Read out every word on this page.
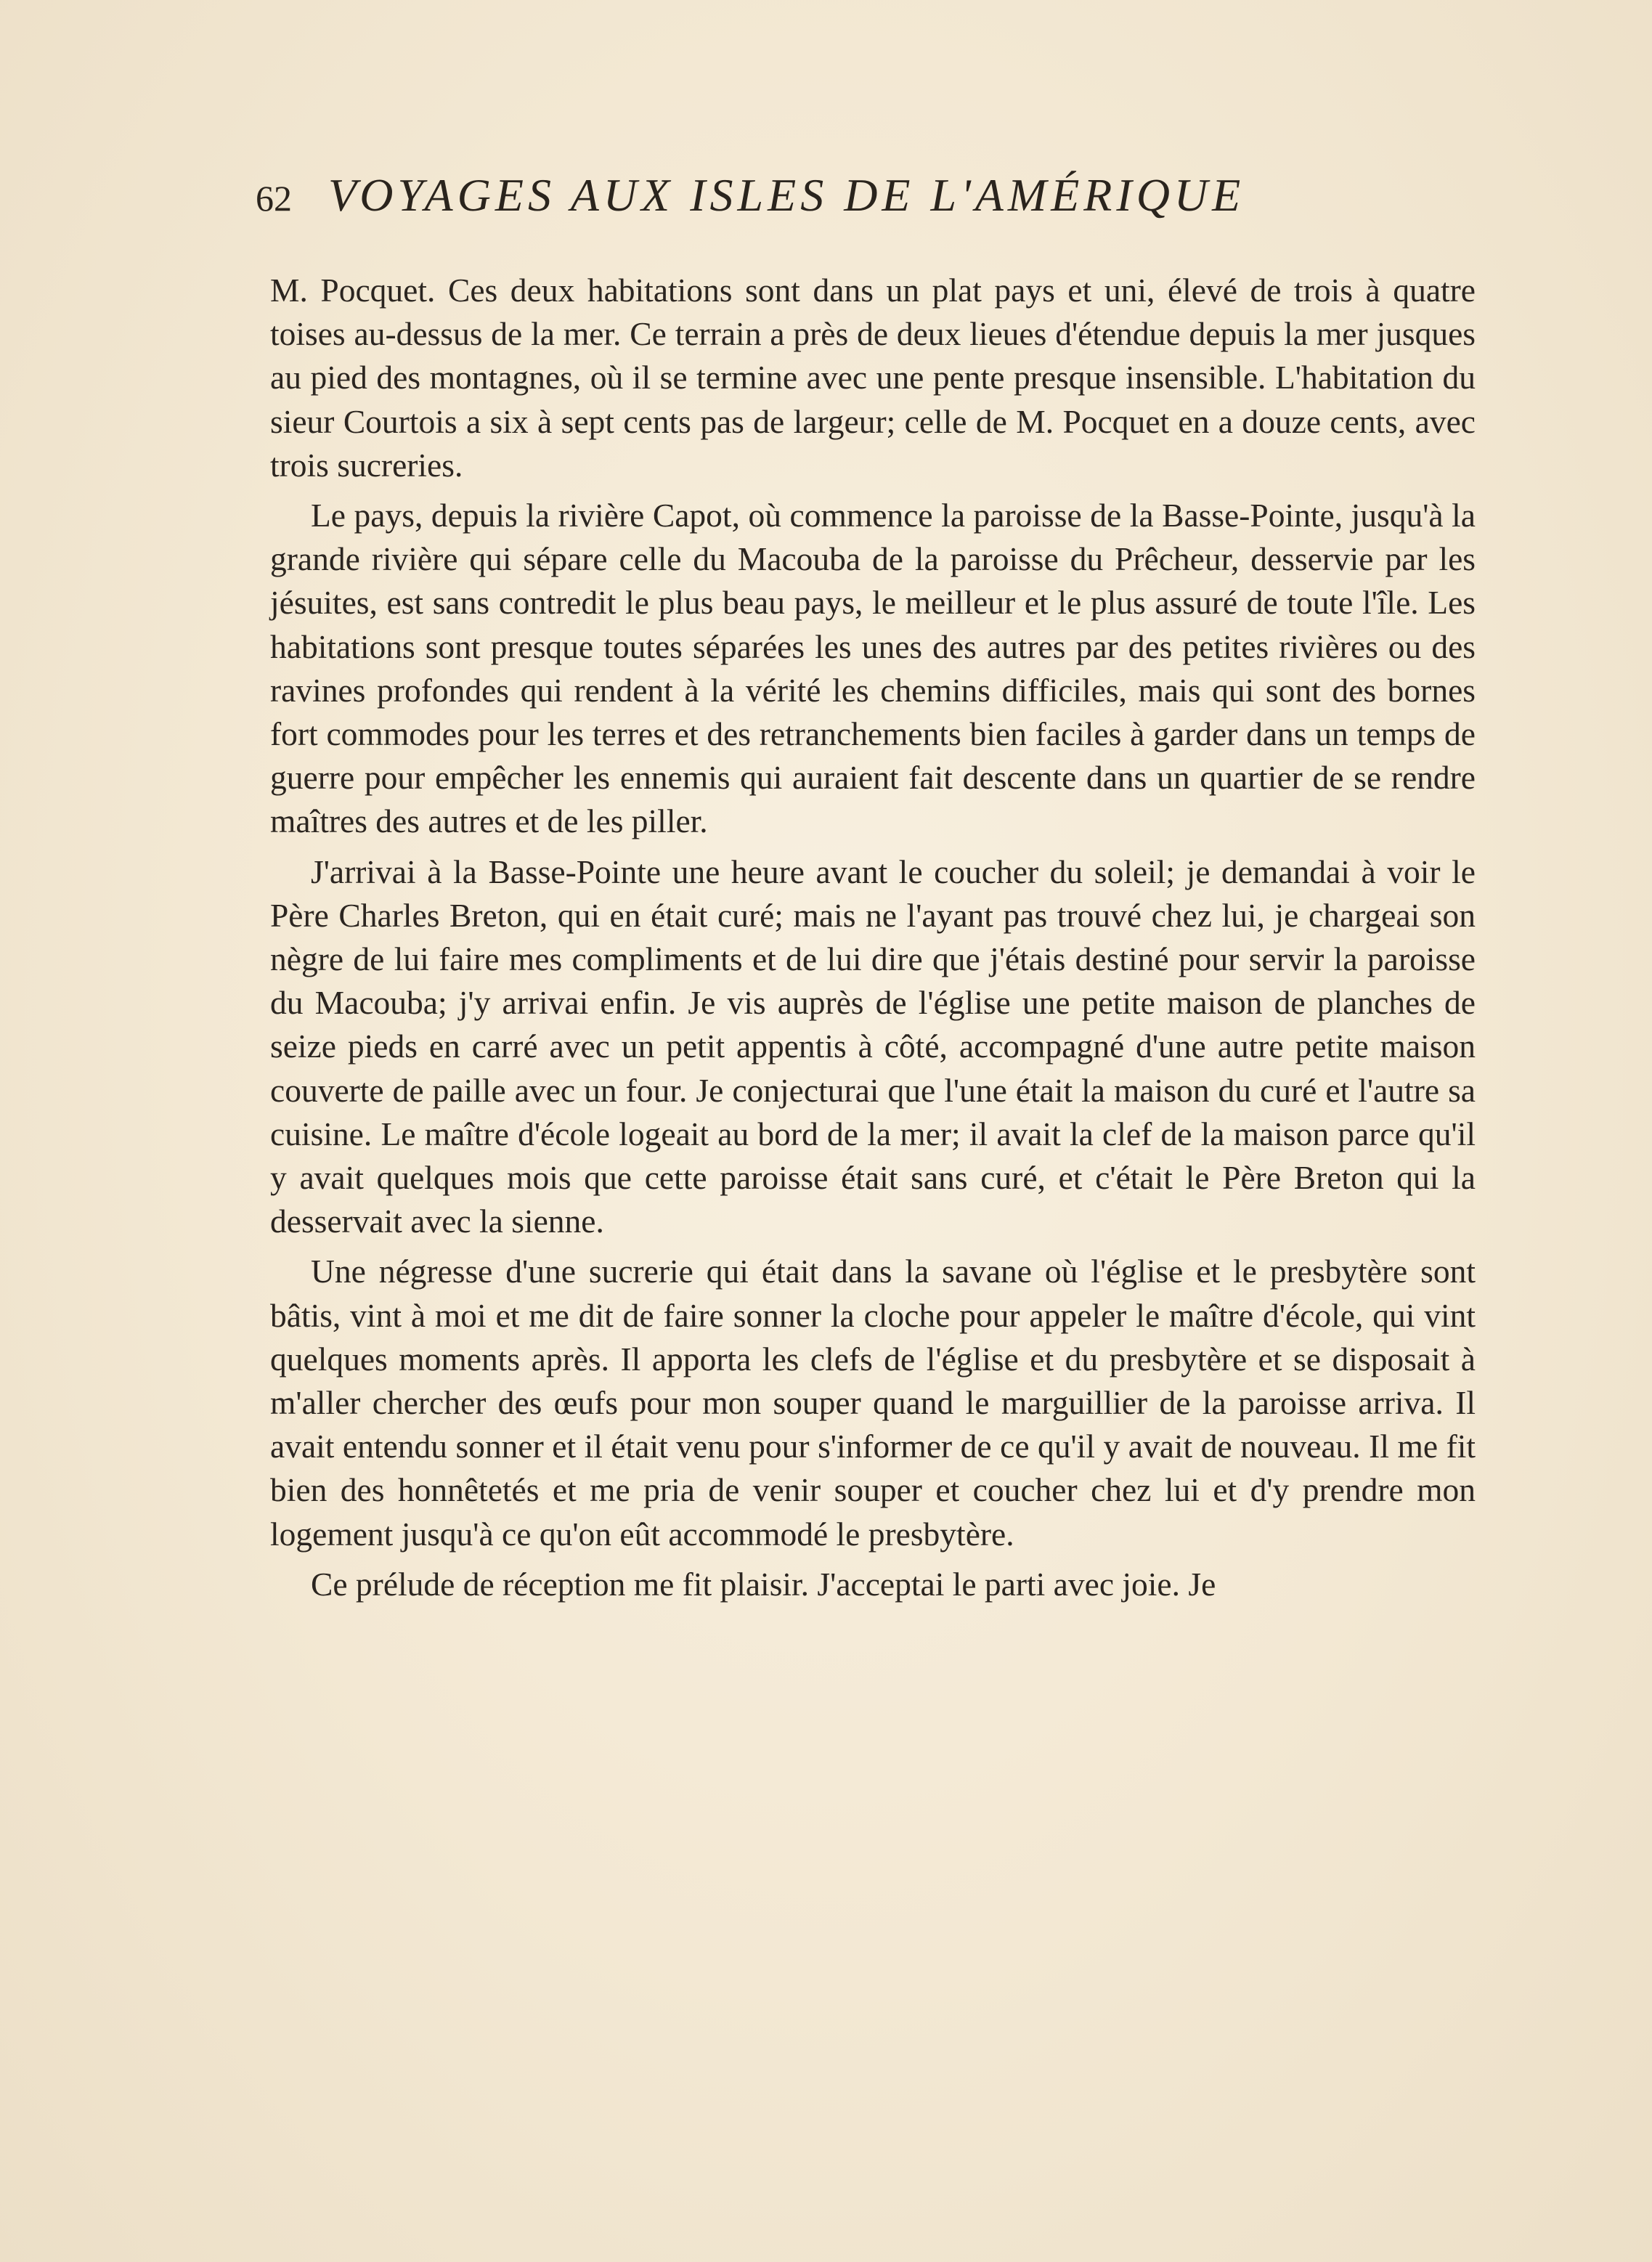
62 VOYAGES AUX ISLES DE L'AMÉRIQUE

M. Pocquet. Ces deux habitations sont dans un plat pays et uni, élevé de trois à quatre toises au-dessus de la mer. Ce terrain a près de deux lieues d'étendue depuis la mer jusques au pied des montagnes, où il se termine avec une pente presque insensible. L'habitation du sieur Courtois a six à sept cents pas de largeur; celle de M. Pocquet en a douze cents, avec trois sucreries.

Le pays, depuis la rivière Capot, où commence la paroisse de la Basse-Pointe, jusqu'à la grande rivière qui sépare celle du Macouba de la paroisse du Prêcheur, desservie par les jésuites, est sans contredit le plus beau pays, le meilleur et le plus assuré de toute l'île. Les habitations sont presque toutes séparées les unes des autres par des petites rivières ou des ravines profondes qui rendent à la vérité les chemins difficiles, mais qui sont des bornes fort commodes pour les terres et des retranchements bien faciles à garder dans un temps de guerre pour empêcher les ennemis qui auraient fait descente dans un quartier de se rendre maîtres des autres et de les piller.

J'arrivai à la Basse-Pointe une heure avant le coucher du soleil; je demandai à voir le Père Charles Breton, qui en était curé; mais ne l'ayant pas trouvé chez lui, je chargeai son nègre de lui faire mes compliments et de lui dire que j'étais destiné pour servir la paroisse du Macouba; j'y arrivai enfin. Je vis auprès de l'église une petite maison de planches de seize pieds en carré avec un petit appentis à côté, accompagné d'une autre petite maison couverte de paille avec un four. Je conjecturai que l'une était la maison du curé et l'autre sa cuisine. Le maître d'école logeait au bord de la mer; il avait la clef de la maison parce qu'il y avait quelques mois que cette paroisse était sans curé, et c'était le Père Breton qui la desservait avec la sienne.

Une négresse d'une sucrerie qui était dans la savane où l'église et le presbytère sont bâtis, vint à moi et me dit de faire sonner la cloche pour appeler le maître d'école, qui vint quelques moments après. Il apporta les clefs de l'église et du presbytère et se disposait à m'aller chercher des œufs pour mon souper quand le marguillier de la paroisse arriva. Il avait entendu sonner et il était venu pour s'informer de ce qu'il y avait de nouveau. Il me fit bien des honnêtetés et me pria de venir souper et coucher chez lui et d'y prendre mon logement jusqu'à ce qu'on eût accommodé le presbytère.

Ce prélude de réception me fit plaisir. J'acceptai le parti avec joie. Je
